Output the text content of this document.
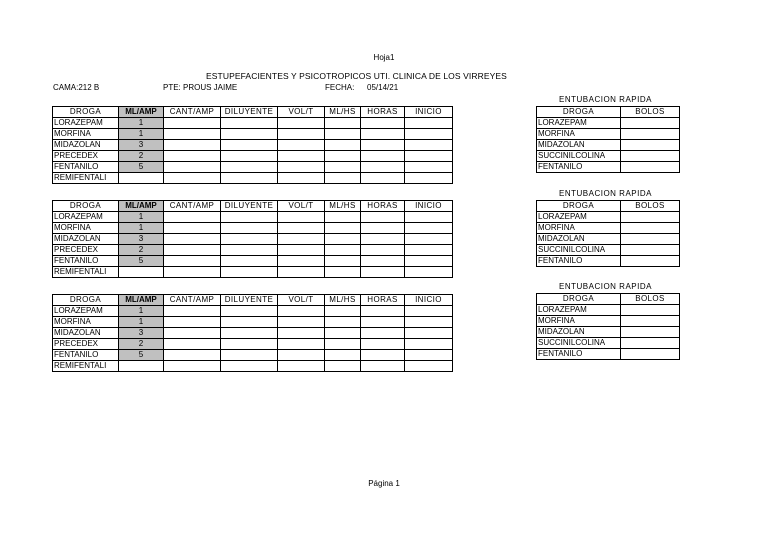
Hoja1
ESTUPEFACIENTES Y PSICOTROPICOS UTI. CLINICA DE LOS VIRREYES
CAMA:212 B	PTE: PROUS JAIME	FECHA: 05/14/21
DROGA	ML/AMP	CANT/AMP	DILUYENTE	VOL/T	ML/HS	HORAS	INICIO
LORAZEPAM	1						
MORFINA	1						
MIDAZOLAN	3						
PRECEDEX	2						
FENTANILO	5						
REMIFENTALI							
DROGA	ML/AMP	CANT/AMP	DILUYENTE	VOL/T	ML/HS	HORAS	INICIO
LORAZEPAM	1						
MORFINA	1						
MIDAZOLAN	3						
PRECEDEX	2						
FENTANILO	5						
REMIFENTALI							
DROGA	ML/AMP	CANT/AMP	DILUYENTE	VOL/T	ML/HS	HORAS	INICIO
LORAZEPAM	1						
MORFINA	1						
MIDAZOLAN	3						
PRECEDEX	2						
FENTANILO	5						
REMIFENTALI							
ENTUBACION RAPIDA
DROGA	BOLOS
LORAZEPAM	
MORFINA	
MIDAZOLAN	
SUCCINILCOLINA	
FENTANILO	
ENTUBACION RAPIDA
DROGA	BOLOS
LORAZEPAM	
MORFINA	
MIDAZOLAN	
SUCCINILCOLINA	
FENTANILO	
ENTUBACION RAPIDA
DROGA	BOLOS
LORAZEPAM	
MORFINA	
MIDAZOLAN	
SUCCINILCOLINA	
FENTANILO	
Página 1
